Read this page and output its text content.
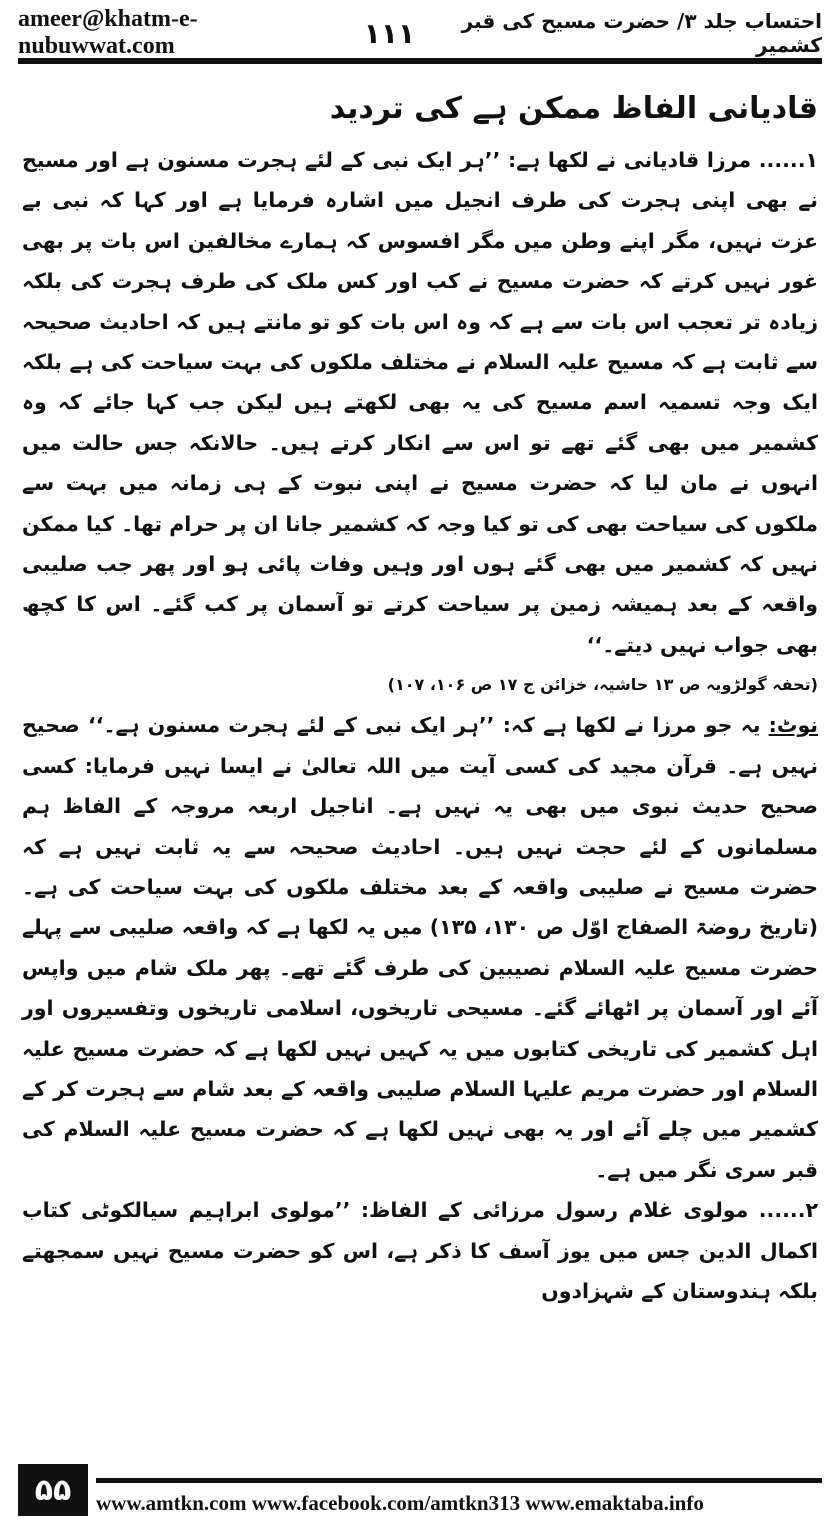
ameer@khatm-e-nubuwwat.com	۱۱۱	احتساب جلد ۳/ حضرت مسیح کی قبر کشمیر
قادیانی الفاظ ممکن ہے کی تردید

۱...... مرزا قادیانی نے لکھا ہے: ’’ہر ایک نبی کے لئے ہجرت مسنون ہے اور مسیح نے بھی اپنی ہجرت کی طرف انجیل میں اشارہ فرمایا ہے اور کہا کہ نبی بے عزت نہیں، مگر اپنے وطن میں مگر افسوس کہ ہمارے مخالفین اس بات پر بھی غور نہیں کرتے کہ حضرت مسیح نے کب اور کس ملک کی طرف ہجرت کی بلکہ زیادہ تر تعجب اس بات سے ہے کہ وہ اس بات کو تو مانتے ہیں کہ احادیث صحیحہ سے ثابت ہے کہ مسیح علیہ السلام نے مختلف ملکوں کی بہت سیاحت کی ہے بلکہ ایک وجہ تسمیہ اسم مسیح کی یہ بھی لکھتے ہیں لیکن جب کہا جائے کہ وہ کشمیر میں بھی گئے تھے تو اس سے انکار کرتے ہیں۔ حالانکہ جس حالت میں انہوں نے مان لیا کہ حضرت مسیح نے اپنی نبوت کے ہی زمانہ میں بہت سے ملکوں کی سیاحت بھی کی تو کیا وجہ کہ کشمیر جانا ان پر حرام تھا۔ کیا ممکن نہیں کہ کشمیر میں بھی گئے ہوں اور وہیں وفات پائی ہو اور پھر جب صلیبی واقعہ کے بعد ہمیشہ زمین پر سیاحت کرتے تو آسمان پر کب گئے۔ اس کا کچھ بھی جواب نہیں دیتے۔‘‘

(تحفہ گولڑویہ ص ۱۳ حاشیہ، خزائن ج ۱۷ ص ۱۰۶، ۱۰۷)

نوٹ: یہ جو مرزا نے لکھا ہے کہ: ’’ہر ایک نبی کے لئے ہجرت مسنون ہے۔‘‘ صحیح نہیں ہے۔ قرآن مجید کی کسی آیت میں اللہ تعالیٰ نے ایسا نہیں فرمایا: کسی صحیح حدیث نبوی میں بھی یہ نہیں ہے۔ اناجیل اربعہ مروجہ کے الفاظ ہم مسلمانوں کے لئے حجت نہیں ہیں۔ احادیث صحیحہ سے یہ ثابت نہیں ہے کہ حضرت مسیح نے صلیبی واقعہ کے بعد مختلف ملکوں کی بہت سیاحت کی ہے۔ (تاریخ روضۃ الصفاج اوّل ص ۱۳۰، ۱۳۵) میں یہ لکھا ہے کہ واقعہ صلیبی سے پہلے حضرت مسیح علیہ السلام نصیبین کی طرف گئے تھے۔ پھر ملک شام میں واپس آئے اور آسمان پر اٹھائے گئے۔ مسیحی تاریخوں، اسلامی تاریخوں وتفسیروں اور اہل کشمیر کی تاریخی کتابوں میں یہ کہیں نہیں لکھا ہے کہ حضرت مسیح علیہ السلام اور حضرت مریم علیہا السلام صلیبی واقعہ کے بعد شام سے ہجرت کر کے کشمیر میں چلے آئے اور یہ بھی نہیں لکھا ہے کہ حضرت مسیح علیہ السلام کی قبر سری نگر میں ہے۔

۲...... مولوی غلام رسول مرزائی کے الفاظ: ’’مولوی ابراہیم سیالکوٹی کتاب اکمال الدین جس میں یوز آسف کا ذکر ہے، اس کو حضرت مسیح نہیں سمجھتے بلکہ ہندوستان کے شہزادوں

۵۵	www.amtkn.com www.facebook.com/amtkn313 www.emaktaba.info
